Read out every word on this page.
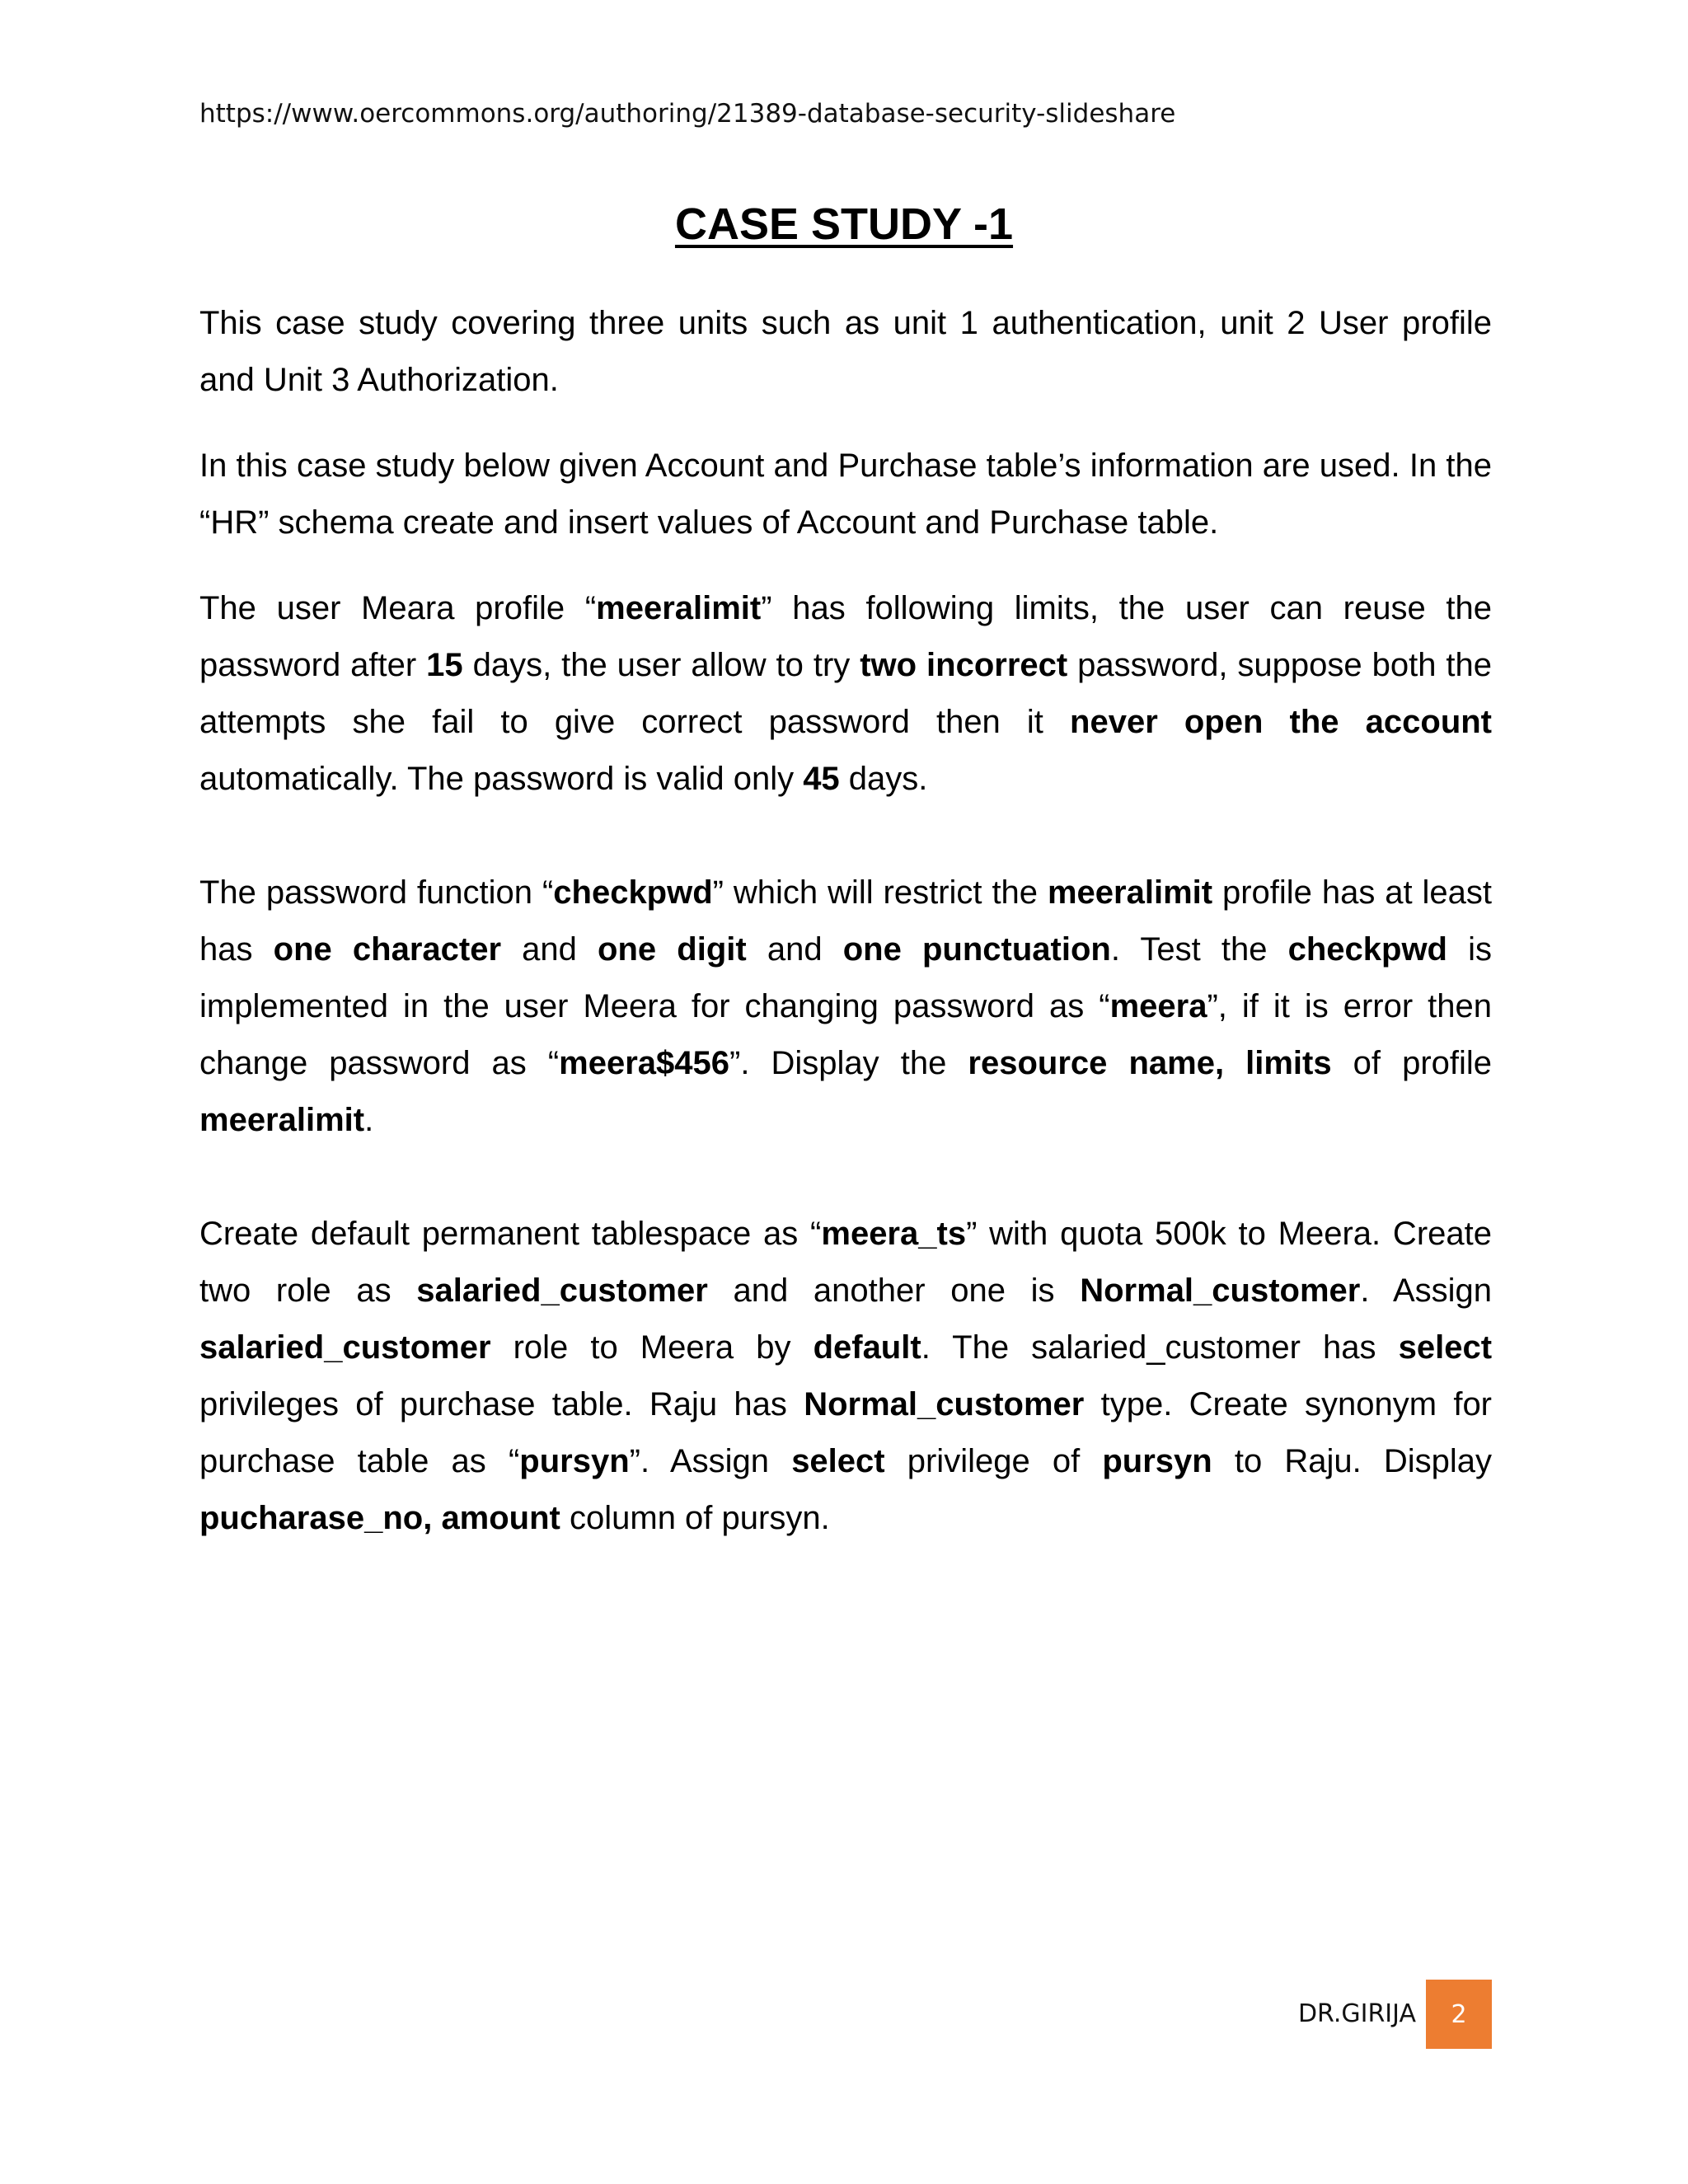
https://www.oercommons.org/authoring/21389-database-security-slideshare
CASE STUDY -1

This case study covering three units such as unit 1 authentication, unit 2 User profile and Unit 3 Authorization.

In this case study below given Account and Purchase table’s information are used. In the “HR” schema create and insert values of Account and Purchase table.

The user Meara profile “meeralimit” has following limits, the user can reuse the password after 15 days, the user allow to try two incorrect password, suppose both the attempts she fail to give correct password then it never open the account automatically. The password is valid only 45 days.

The password function “checkpwd” which will restrict the meeralimit profile has at least has one character and one digit and one punctuation. Test the checkpwd is implemented in the user Meera for changing password as “meera”, if it is error then change password as “meera$456”. Display the resource name, limits of profile meeralimit.

Create default permanent tablespace as “meera_ts” with quota 500k to Meera. Create two role as salaried_customer and another one is Normal_customer. Assign salaried_customer role to Meera by default. The salaried_customer has select privileges of purchase table. Raju has Normal_customer type. Create synonym for purchase table as “pursyn”. Assign select privilege of pursyn to Raju. Display pucharase_no, amount column of pursyn.

DR.GIRIJA 2
